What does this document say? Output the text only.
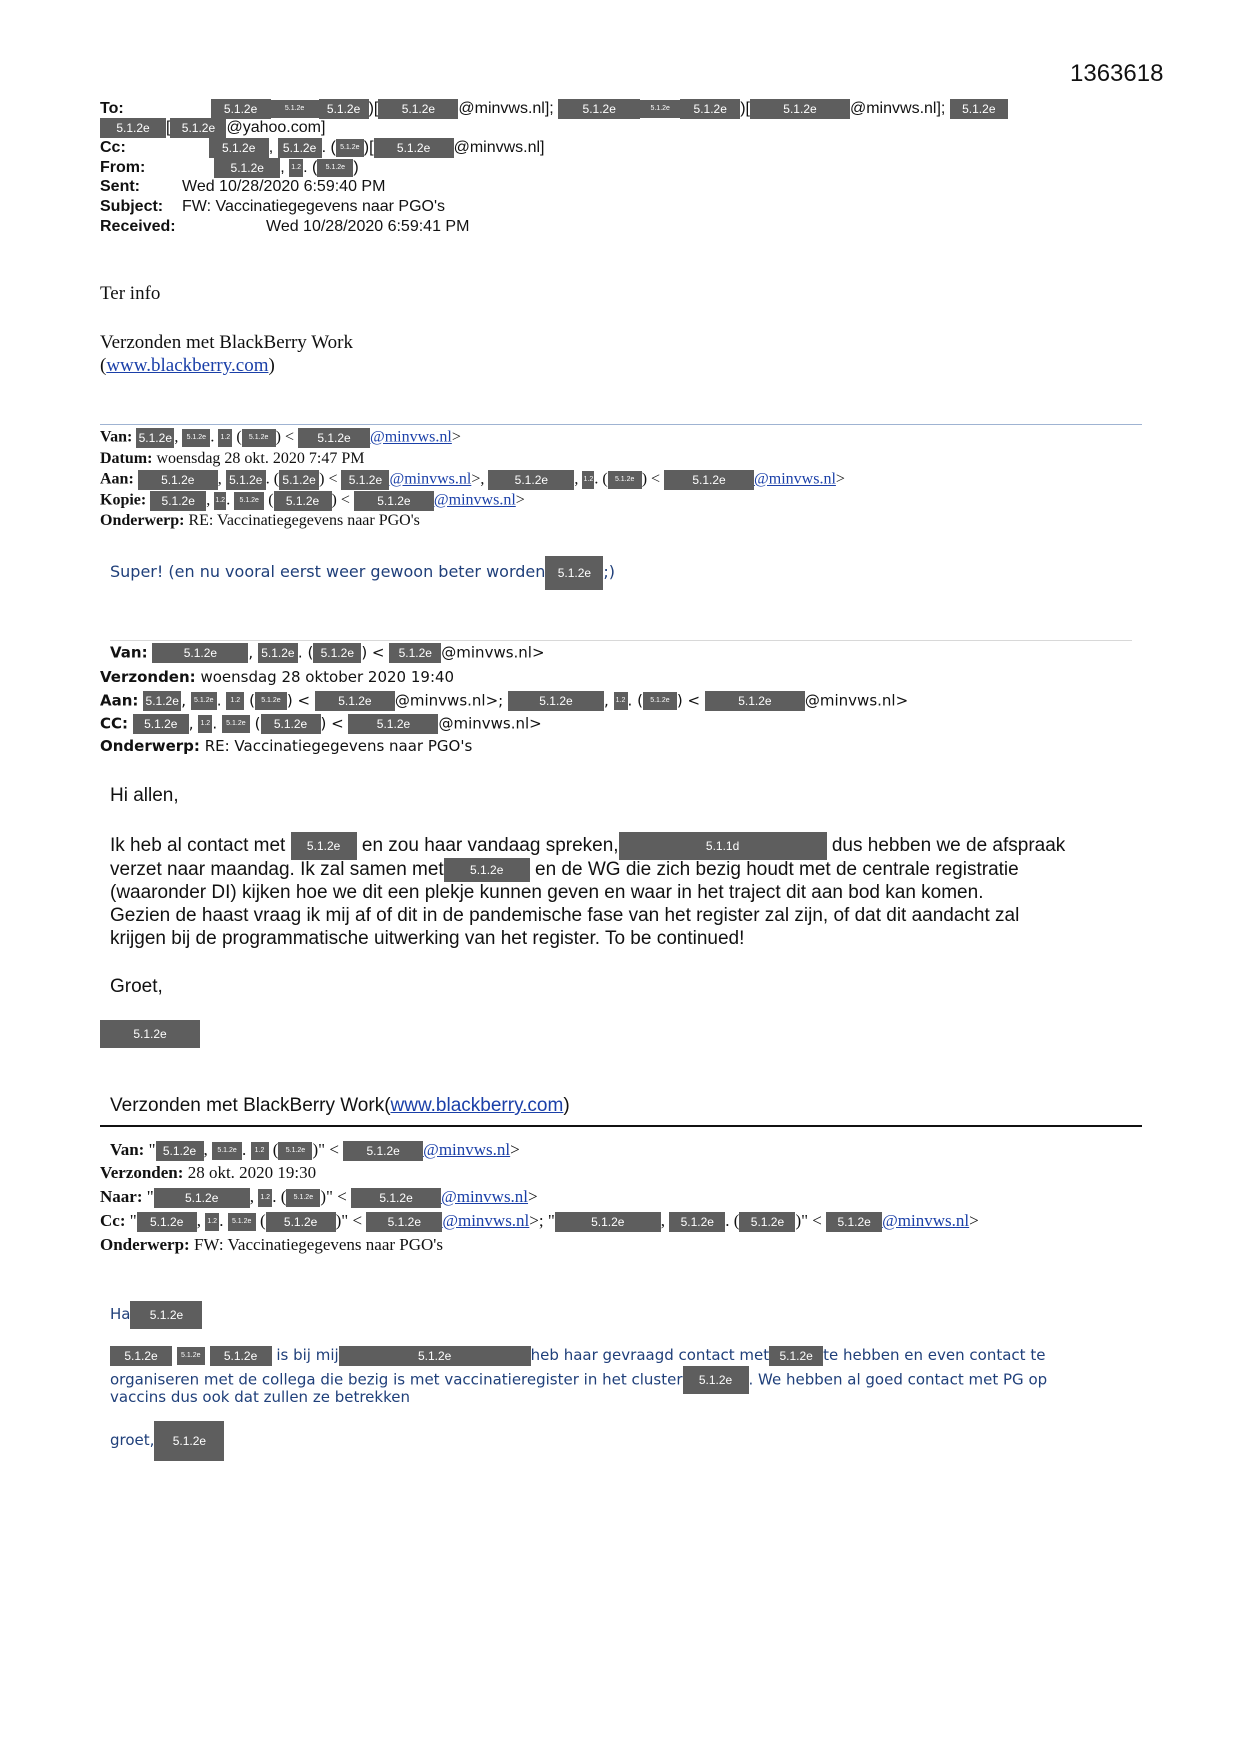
1363618
To:	5.1.2e	5.1.2e 5.1.2e )[ 5.1.2e @minvws.nl]; 5.1.2e	5.1.2e 5.1.2e )[	5.1.2e @minvws.nl]; 5.1.2e
5.1.2e [ 5.1.2e @yahoo.com]
Cc:	5.1.2e , 5.1.2e . ( 5.1.2e )[ 5.1.2e @minvws.nl]
From:	5.1.2e , 1.2 . ( 5.1.2e )
Sent:	Wed 10/28/2020 6:59:40 PM
Subject: FW: Vaccinatiegegevens naar PGO's
Received:	Wed 10/28/2020 6:59:41 PM
Ter info
Verzonden met BlackBerry Work
(www.blackberry.com)
Van: 5.1.2e , 5.1.2e . 1.2 ( 5.1.2e ) < 5.1.2e @minvws.nl>
Datum: woensdag 28 okt. 2020 7:47 PM
Aan: 5.1.2e , 5.1.2e . ( 5.1.2e ) < 5.1.2e @minvws.nl>, 5.1.2e , 1.2. ( 5.1.2e ) < 5.1.2e @minvws.nl>
Kopie: 5.1.2e , 1.2. 5.1.2e ( 5.1.2e ) < 5.1.2e @minvws.nl>
Onderwerp: RE: Vaccinatiegegevens naar PGO's
Super! (en nu vooral eerst weer gewoon beter worden 5.1.2e ;)
Van:	5.1.2e , 5.1.2e . ( 5.1.2e ) < 5.1.2e @minvws.nl>
Verzonden: woensdag 28 oktober 2020 19:40
Aan: 5.1.2e , 5.1.2e . 1.2 ( 5.1.2e ) < 5.1.2e @minvws.nl>;	5.1.2e , 1.2 . ( 5.1.2e ) <	5.1.2e @minvws.nl>
CC: 5.1.2e , 1.2 . 5.1.2e ( 5.1.2e ) < 5.1.2e @minvws.nl>
Onderwerp: RE: Vaccinatiegegevens naar PGO's
Hi allen,
Ik heb al contact met 5.1.2e en zou haar vandaag spreken,	5.1.1d	dus hebben we de afspraak
verzet naar maandag. Ik zal samen met 5.1.2e en de WG die zich bezig houdt met de centrale registratie
(waaronder DI) kijken hoe we dit een plekje kunnen geven en waar in het traject dit aan bod kan komen.
Gezien de haast vraag ik mij af of dit in de pandemische fase van het register zal zijn, of dat dit aandacht zal
krijgen bij de programmatische uitwerking van het register. To be continued!
Groet,
5.1.2e
Verzonden met BlackBerry Work(www.blackberry.com)
Van: " 5.1.2e , 5.1.2e . 1.2 ( 5.1.2e )" < 5.1.2e @minvws.nl>
Verzonden: 28 okt. 2020 19:30
Naar: "	5.1.2e , 1.2 . ( 5.1.2e )" < 5.1.2e @minvws.nl>
Cc: " 5.1.2e , 1.2 . 5.1.2e ( 5.1.2e )" < 5.1.2e @minvws.nl>; "	5.1.2e , 5.1.2e . ( 5.1.2e )" < 5.1.2e @minvws.nl>
Onderwerp: FW: Vaccinatiegegevens naar PGO's
Ha 5.1.2e
5.1.2e	5.1.2e 5.1.2e is bij mij	5.1.2e	heb haar gevraagd contact met 5.1.2e te hebben en even contact te
organiseren met de collega die bezig is met vaccinatieregister in het cluster 5.1.2e . We hebben al goed contact met PG op
vaccins dus ook dat zullen ze betrekken
groet, 5.1.2e
